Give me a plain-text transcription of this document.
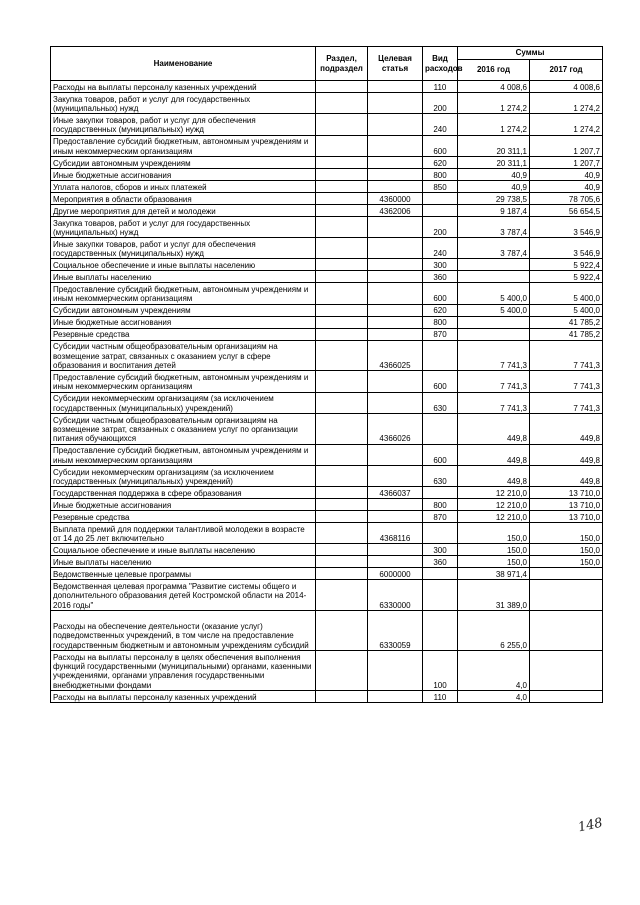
Наименование	Раздел, подраздел	Целевая статья	Вид расходов	Суммы	
				2016 год	2017 год
Расходы на выплаты персоналу казенных учреждений			110	4 008,6	4 008,6
Закупка товаров, работ и услуг для государственных (муниципальных) нужд			200	1 274,2	1 274,2
Иные закупки товаров, работ и услуг для обеспечения государственных (муниципальных) нужд			240	1 274,2	1 274,2
Предоставление субсидий бюджетным, автономным учреждениям и иным некоммерческим организациям			600	20 311,1	1 207,7
Субсидии автономным учреждениям			620	20 311,1	1 207,7
Иные бюджетные ассигнования			800	40,9	40,9
Уплата налогов, сборов и иных платежей			850	40,9	40,9
Мероприятия в области образования		4360000		29 738,5	78 705,6
Другие мероприятия для детей и молодежи		4362006		9 187,4	56 654,5
Закупка товаров, работ и услуг для государственных (муниципальных) нужд			200	3 787,4	3 546,9
Иные закупки товаров, работ и услуг для обеспечения государственных (муниципальных) нужд			240	3 787,4	3 546,9
Социальное обеспечение и иные выплаты населению			300		5 922,4
Иные выплаты населению			360		5 922,4
Предоставление субсидий бюджетным, автономным учреждениям и иным некоммерческим организациям			600	5 400,0	5 400,0
Субсидии автономным учреждениям			620	5 400,0	5 400,0
Иные бюджетные ассигнования			800		41 785,2
Резервные средства			870		41 785,2
Субсидии частным общеобразовательным организациям на возмещение затрат, связанных с оказанием услуг в сфере образования и воспитания детей		4366025		7 741,3	7 741,3
Предоставление субсидий бюджетным, автономным учреждениям и иным некоммерческим организациям			600	7 741,3	7 741,3
Субсидии некоммерческим организациям (за исключением государственных (муниципальных) учреждений)			630	7 741,3	7 741,3
Субсидии частным общеобразовательным организациям на возмещение затрат, связанных с оказанием услуг по организации питания обучающихся		4366026		449,8	449,8
Предоставление субсидий бюджетным, автономным учреждениям и иным некоммерческим организациям			600	449,8	449,8
Субсидии некоммерческим организациям (за исключением государственных (муниципальных) учреждений)			630	449,8	449,8
Государственная поддержка в сфере образования		4366037		12 210,0	13 710,0
Иные бюджетные ассигнования			800	12 210,0	13 710,0
Резервные средства			870	12 210,0	13 710,0
Выплата премий для поддержки талантливой молодежи в возрасте от 14 до 25 лет включительно		4368116		150,0	150,0
Социальное обеспечение и иные выплаты населению			300	150,0	150,0
Иные выплаты населению			360	150,0	150,0
Ведомственные целевые программы		6000000		38 971,4	
Ведомственная целевая программа "Развитие системы общего и дополнительного образования детей Костромской области на 2014-2016 годы"		6330000		31 389,0	
Расходы на обеспечение деятельности (оказание услуг) подведомственных учреждений, в том числе на предоставление государственным бюджетным и автономным учреждениям субсидий		6330059		6 255,0	
Расходы на выплаты персоналу в целях обеспечения выполнения функций государственными (муниципальными) органами, казенными учреждениями, органами управления государственными внебюджетными фондами			100	4,0	
Расходы на выплаты персоналу казенных учреждений			110	4,0	
148
